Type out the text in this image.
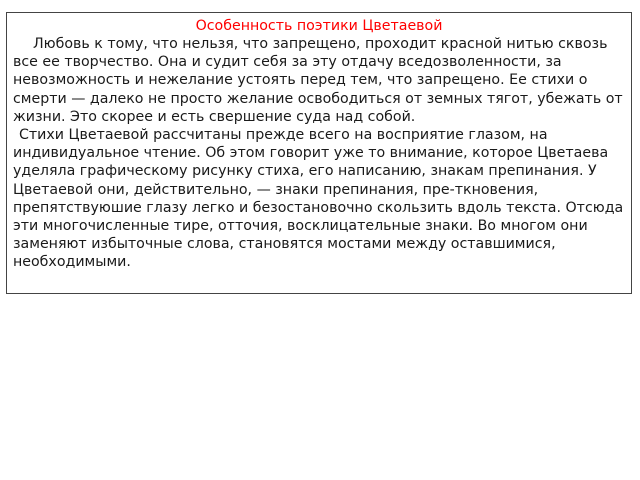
Особенность поэтики Цветаевой

Любовь к тому, что нельзя, что запрещено, проходит красной нитью сквозь все ее творчество. Она и судит себя за эту отдачу вседозволенности, за невозможность и нежелание устоять перед тем, что запрещено. Ее стихи о смерти — далеко не просто желание освободиться от земных тягот, убежать от жизни. Это скорее и есть свершение суда над собой.

Стихи Цветаевой рассчитаны прежде всего на восприятие глазом, на индивидуальное чтение. Об этом говорит уже то внимание, которое Цветаева уделяла графическому рисунку стиха, его написанию, знакам препинания. У Цветаевой они, действительно, — знаки препинания, пре-ткновения, препятствуюшие глазу легко и безостановочно скользить вдоль текста. Отсюда эти многочисленные тире, отточия, восклицательные знаки. Во многом они заменяют избыточные слова, становятся мостами между оставшимися, необходимыми.
